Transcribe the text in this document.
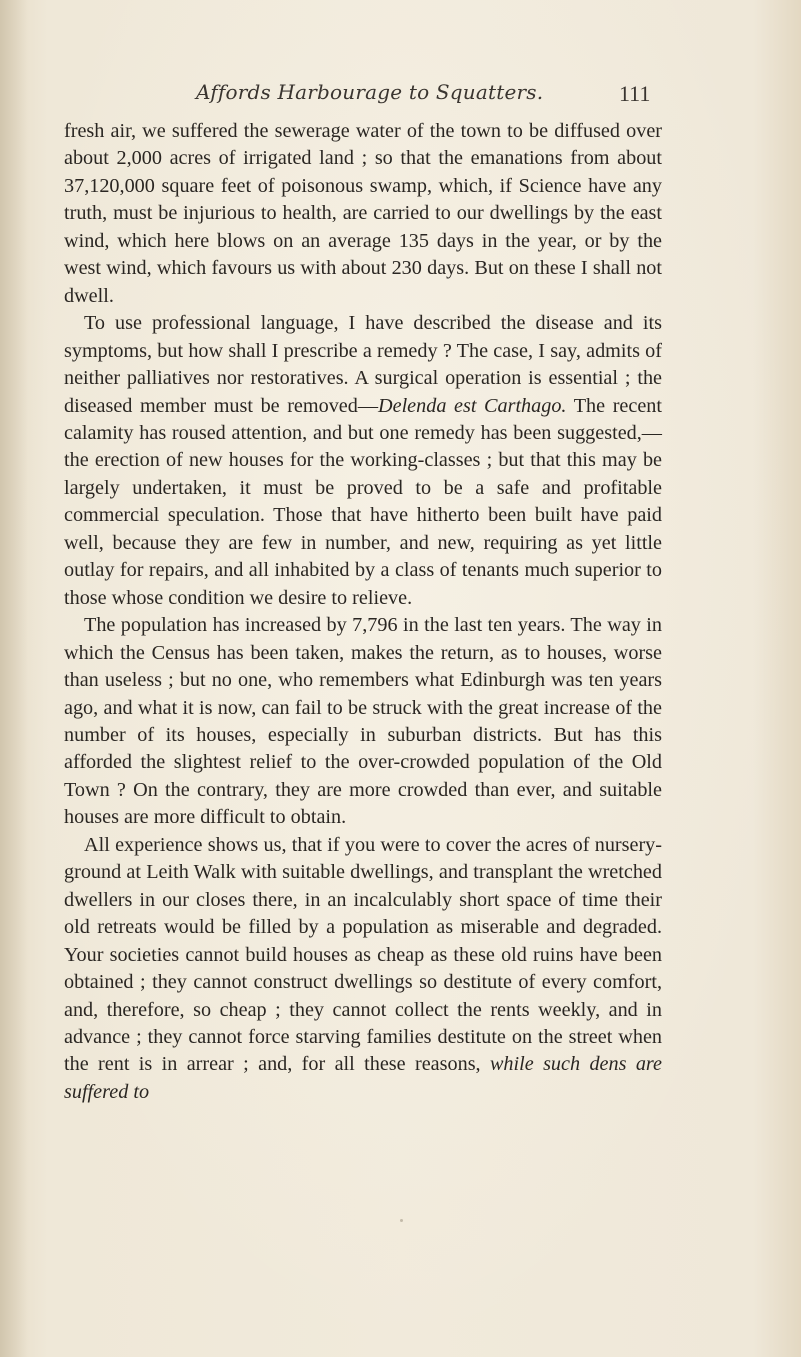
Affords Harbourage to Squatters.	111

fresh air, we suffered the sewerage water of the town to be diffused over about 2,000 acres of irrigated land ; so that the emanations from about 37,120,000 square feet of poisonous swamp, which, if Science have any truth, must be injurious to health, are carried to our dwellings by the east wind, which here blows on an average 135 days in the year, or by the west wind, which favours us with about 230 days. But on these I shall not dwell.

To use professional language, I have described the disease and its symptoms, but how shall I prescribe a remedy ? The case, I say, admits of neither palliatives nor restoratives. A surgical operation is essential ; the diseased member must be removed—Delenda est Carthago. The recent calamity has roused attention, and but one remedy has been suggested,—the erection of new houses for the working-classes ; but that this may be largely undertaken, it must be proved to be a safe and profitable commercial speculation. Those that have hitherto been built have paid well, because they are few in number, and new, requiring as yet little outlay for repairs, and all inhabited by a class of tenants much superior to those whose condition we desire to relieve.

The population has increased by 7,796 in the last ten years. The way in which the Census has been taken, makes the return, as to houses, worse than useless ; but no one, who remembers what Edinburgh was ten years ago, and what it is now, can fail to be struck with the great increase of the number of its houses, especially in suburban districts. But has this afforded the slightest relief to the over-crowded population of the Old Town ? On the contrary, they are more crowded than ever, and suitable houses are more difficult to obtain.

All experience shows us, that if you were to cover the acres of nursery-ground at Leith Walk with suitable dwellings, and transplant the wretched dwellers in our closes there, in an incalculably short space of time their old retreats would be filled by a population as miserable and degraded. Your societies cannot build houses as cheap as these old ruins have been obtained ; they cannot construct dwellings so destitute of every comfort, and, therefore, so cheap ; they cannot collect the rents weekly, and in advance ; they cannot force starving families destitute on the street when the rent is in arrear ; and, for all these reasons, while such dens are suffered to
